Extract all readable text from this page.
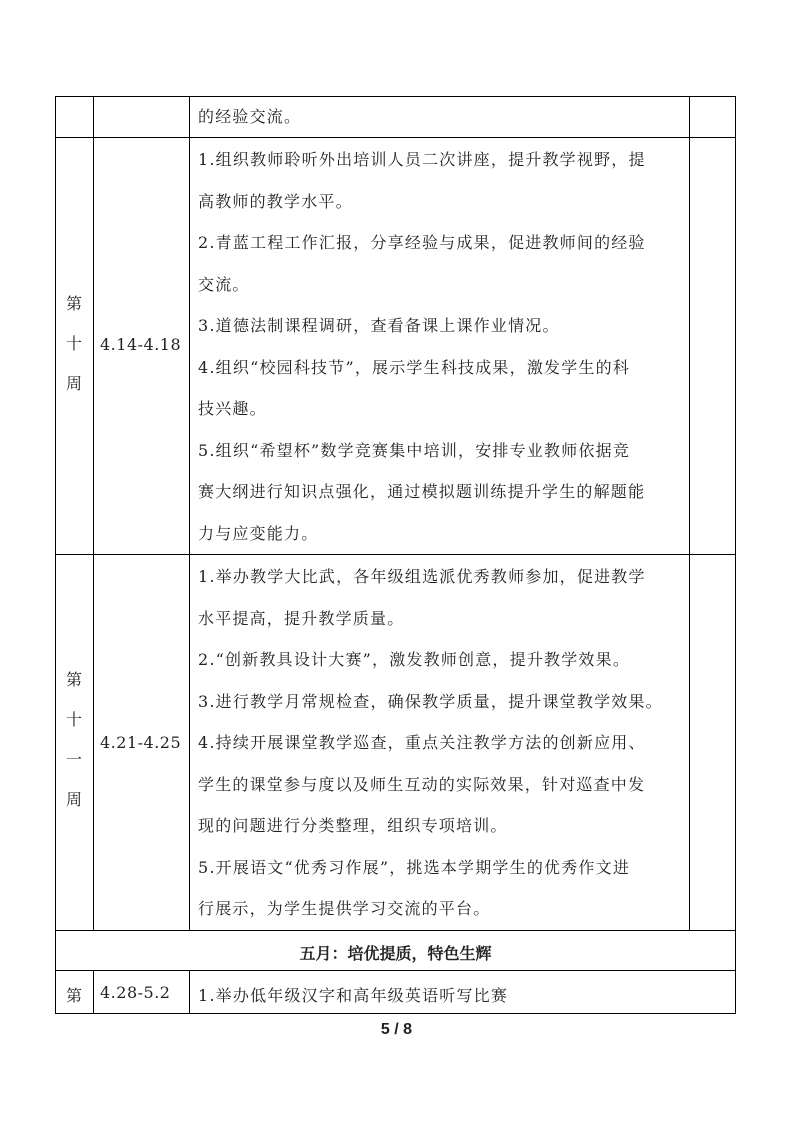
的经验交流。
第
十
周
4.14-4.18
1.组织教师聆听外出培训人员二次讲座，提升教学视野，提
高教师的教学水平。
2.青蓝工程工作汇报，分享经验与成果，促进教师间的经验
交流。
3.道德法制课程调研，查看备课上课作业情况。
4.组织“校园科技节”，展示学生科技成果，激发学生的科
技兴趣。
5.组织“希望杯”数学竞赛集中培训，安排专业教师依据竞
赛大纲进行知识点强化，通过模拟题训练提升学生的解题能
力与应变能力。
第
十
一
周
4.21-4.25
1.举办教学大比武，各年级组选派优秀教师参加，促进教学
水平提高，提升教学质量。
2.“创新教具设计大赛”，激发教师创意，提升教学效果。
3.进行教学月常规检查，确保教学质量，提升课堂教学效果。
4.持续开展课堂教学巡查，重点关注教学方法的创新应用、
学生的课堂参与度以及师生互动的实际效果，针对巡查中发
现的问题进行分类整理，组织专项培训。
5.开展语文“优秀习作展”，挑选本学期学生的优秀作文进
行展示，为学生提供学习交流的平台。
五月：培优提质，特色生辉
第 4.28-5.2 1.举办低年级汉字和高年级英语听写比赛
5 / 8
